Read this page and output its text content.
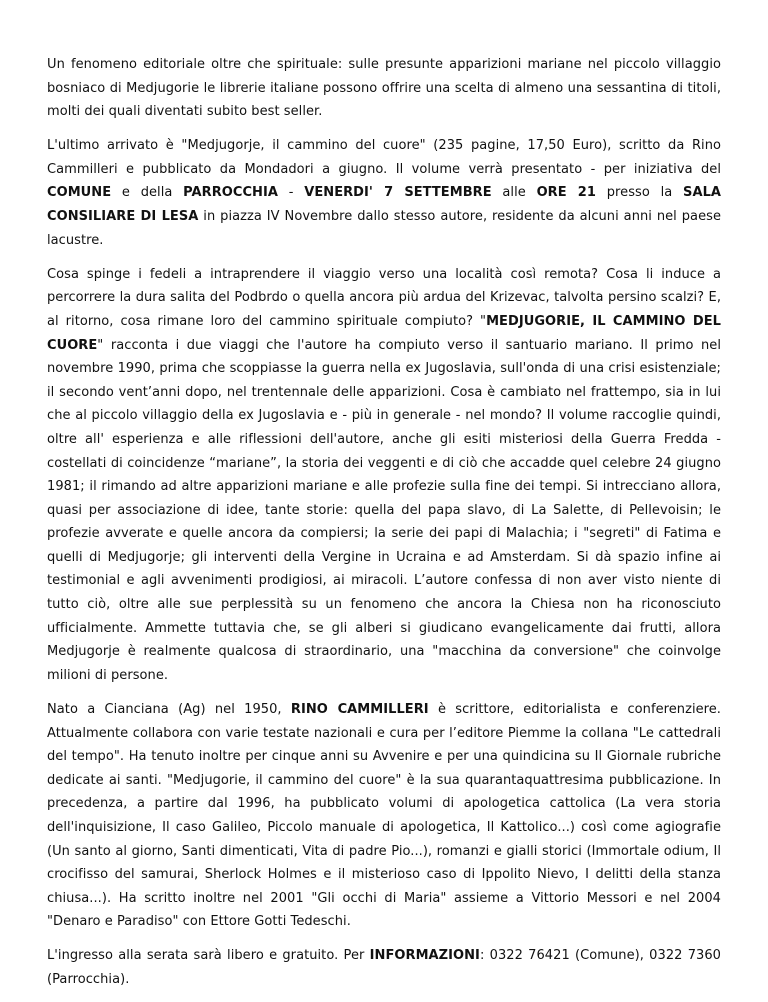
Un fenomeno editoriale oltre che spirituale: sulle presunte apparizioni mariane nel piccolo villaggio bosniaco di Medjugorie le librerie italiane possono offrire una scelta di almeno una sessantina di titoli, molti dei quali diventati subito best seller.

L'ultimo arrivato è "Medjugorje, il cammino del cuore" (235 pagine, 17,50 Euro), scritto da Rino Cammilleri e pubblicato da Mondadori a giugno. Il volume verrà presentato - per iniziativa del COMUNE e della PARROCCHIA - VENERDI' 7 SETTEMBRE alle ORE 21 presso la SALA CONSILIARE DI LESA in piazza IV Novembre dallo stesso autore, residente da alcuni anni nel paese lacustre.

Cosa spinge i fedeli a intraprendere il viaggio verso una località così remota? Cosa li induce a percorrere la dura salita del Podbrdo o quella ancora più ardua del Krizevac, talvolta persino scalzi? E, al ritorno, cosa rimane loro del cammino spirituale compiuto? "MEDJUGORIE, IL CAMMINO DEL CUORE" racconta i due viaggi che l'autore ha compiuto verso il santuario mariano. Il primo nel novembre 1990, prima che scoppiasse la guerra nella ex Jugoslavia, sull'onda di una crisi esistenziale; il secondo vent’anni dopo, nel trentennale delle apparizioni. Cosa è cambiato nel frattempo, sia in lui che al piccolo villaggio della ex Jugoslavia e - più in generale - nel mondo? Il volume raccoglie quindi, oltre all' esperienza e alle riflessioni dell'autore, anche gli esiti misteriosi della Guerra Fredda - costellati di coincidenze “mariane”, la storia dei veggenti e di ciò che accadde quel celebre 24 giugno 1981; il rimando ad altre apparizioni mariane e alle profezie sulla fine dei tempi. Si intrecciano allora, quasi per associazione di idee, tante storie: quella del papa slavo, di La Salette, di Pellevoisin; le profezie avverate e quelle ancora da compiersi; la serie dei papi di Malachia; i "segreti" di Fatima e quelli di Medjugorje; gli interventi della Vergine in Ucraina e ad Amsterdam. Si dà spazio infine ai testimonial e agli avvenimenti prodigiosi, ai miracoli. L’autore confessa di non aver visto niente di tutto ciò, oltre alle sue perplessità su un fenomeno che ancora la Chiesa non ha riconosciuto ufficialmente. Ammette tuttavia che, se gli alberi si giudicano evangelicamente dai frutti, allora Medjugorje è realmente qualcosa di straordinario, una "macchina da conversione" che coinvolge milioni di persone.

Nato a Cianciana (Ag) nel 1950, RINO CAMMILLERI è scrittore, editorialista e conferenziere. Attualmente collabora con varie testate nazionali e cura per l’editore Piemme la collana "Le cattedrali del tempo". Ha tenuto inoltre per cinque anni su Avvenire e per una quindicina su Il Giornale rubriche dedicate ai santi. "Medjugorie, il cammino del cuore" è la sua quarantaquattresima pubblicazione. In precedenza, a partire dal 1996, ha pubblicato volumi di apologetica cattolica (La vera storia dell'inquisizione, Il caso Galileo, Piccolo manuale di apologetica, Il Kattolico...) così come agiografie (Un santo al giorno, Santi dimenticati, Vita di padre Pio...), romanzi e gialli storici (Immortale odium, Il crocifisso del samurai, Sherlock Holmes e il misterioso caso di Ippolito Nievo, I delitti della stanza chiusa...). Ha scritto inoltre nel 2001 "Gli occhi di Maria" assieme a Vittorio Messori e nel 2004 "Denaro e Paradiso" con Ettore Gotti Tedeschi.

L'ingresso alla serata sarà libero e gratuito. Per INFORMAZIONI: 0322 76421 (Comune), 0322 7360 (Parrocchia).
